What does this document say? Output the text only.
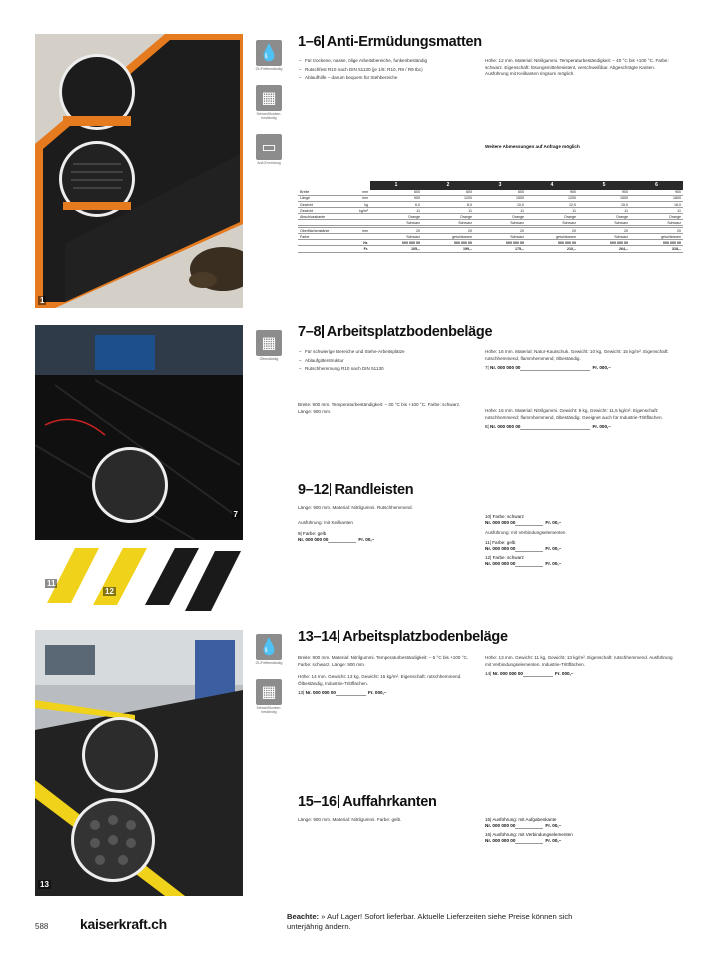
1
7
11
12
13
💧
Öl-/Fettbeständig
▦
Schweißfunkenbeständig
▭
Anti-Ermüdung
▦
Ölbeständig
💧
Öl-/Fettbeständig
▦
Schweißfunkenbeständig
1–6 Anti-Ermüdungsmatten
– Für trockene, nasse, ölige Arbeitsbereiche, funkenbeständig
– Rutschfest R10 nach DIN 51130 (je 1/6: R10, R9 / R9 tbc)
– Ablaufhilfe – darum bequem für Stehbereiche
Höhe: 12 mm. Material: Nitrilgummi. Temperaturbeständigkeit: – 40 °C bis +100 °C. Farbe: schwarz. Eigenschaft: lösungsmittelresistent, verschweißbar. Abgeschrägte Kanten. Ausführung mit Keilkanten ringsum möglich.
Weitere Abmessungen auf Anfrage möglich
		1	2	3	4	5	6
Breite	mm	600	600	600	900	900	900
Länge	mm	900	1200	1500	1200	1500	1800
Gewicht	kg	6,0	8,0	10,0	12,0	15,0	18,0
Gewicht	kg/m²	11	11	11	11	11	11
Abschlusskante		Orange	Orange	Orange	Orange	Orange	Orange
		Schwarz	Schwarz	Schwarz	Schwarz	Schwarz	Schwarz

Oberflächenstärke	mm	20	20	20	20	20	20
Farbe		Schwarz	geschlossen	Schwarz	geschlossen	Schwarz	geschlossen
	Nr.	000 000 00	000 000 00	000 000 00	000 000 00	000 000 00	000 000 00
	Fr.	105,–	199,–	175,–	210,–	264,–	318,–
7–8 Arbeitsplatzbodenbeläge
– Für schwierige Bereiche und Stehe-Arbeitsplätze
– Ablaufgitterstruktur
– Rutschhemmung R10 nach DIN 51130
Breite: 900 mm. Temperaturbeständigkeit: – 30 °C bis +100 °C. Farbe: schwarz. Länge: 900 mm.
Höhe: 16 mm. Material: Natur-Kautschuk. Gewicht: 10 kg, Gewicht: 15 kg/m². Eigenschaft: rutschhemmend, flammhemmend; ölbeständig.
7| Nr. 000 000 00	Fr. 000,–
Höhe: 16 mm. Material: Nitrilgummi. Gewicht: 9 kg, Gewicht: 11,5 kg/m². Eigenschaft: rutschhemmend; flammhemmend, ölbeständig. Geeignet auch für Industrie-Trittflächen.
8| Nr. 000 000 00	Fr. 000,–
9–12 Randleisten
Länge: 900 mm. Material: Nitrilgummi. Rutschhemmend.
Ausführung: mit Keilkanten
9| Farbe: gelb
Nr. 000 000 00	Fr. 00,–
10| Farbe: schwarz
Nr. 000 000 00	Fr. 00,–
Ausführung: mit Verbindungselementen
11| Farbe: gelb
Nr. 000 000 00	Fr. 00,–
12| Farbe: schwarz
Nr. 000 000 00	Fr. 00,–
13–14 Arbeitsplatzbodenbeläge
Breite: 900 mm. Material: Nitrilgummi. Temperaturbeständigkeit: – 5 °C bis +100 °C. Farbe: schwarz. Länge: 900 mm.
Höhe: 14 mm. Gewicht: 13 kg, Gewicht: 15 kg/m². Eigenschaft: rutschhemmend. Ölbeständig, Industrie-Trittflächen.
13| Nr. 000 000 00	Fr. 000,–
Höhe: 13 mm. Gewicht: 11 kg, Gewicht: 13 kg/m². Eigenschaft: rutschhemmend. Ausführung mit Verbindungselementen. Industrie-Trittflächen.
14| Nr. 000 000 00	Fr. 000,–
15–16 Auffahrkanten
Länge: 900 mm. Material: Nitrilgummi. Farbe: gelb.	15| Ausführung: mit Aufgabenkante
Nr. 000 000 00	Fr. 00,–
16| Ausführung: mit Verbindungselementen
Nr. 000 000 00	Fr. 00,–
588 kaiserkraft.ch	Beachte: » Auf Lager! Sofort lieferbar. Aktuelle Lieferzeiten siehe Preise können sich unterjährig ändern.
